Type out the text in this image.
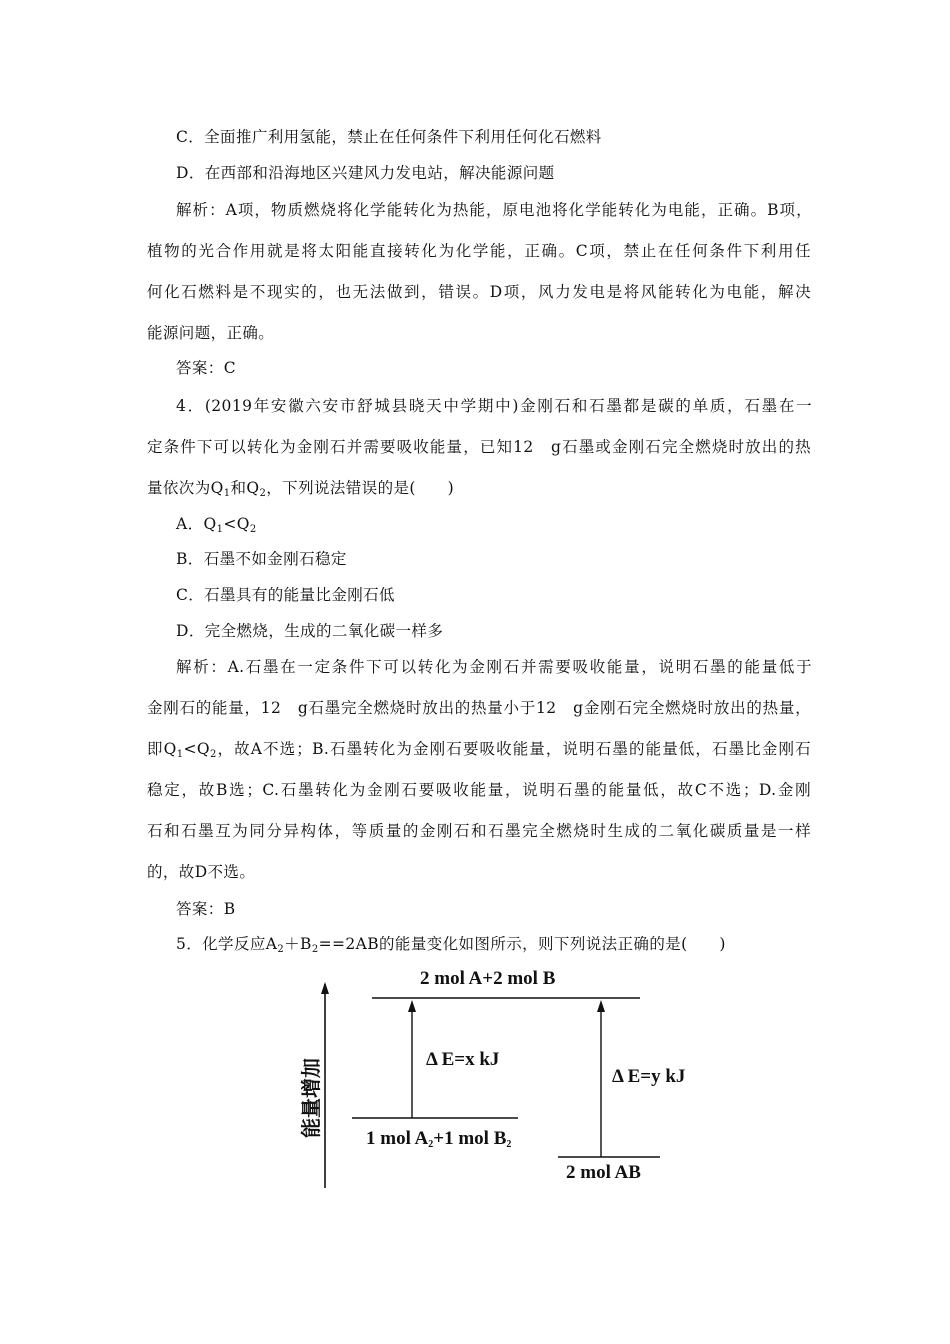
C．全面推广利用氢能，禁止在任何条件下利用任何化石燃料
D．在西部和沿海地区兴建风力发电站，解决能源问题
解析：A项，物质燃烧将化学能转化为热能，原电池将化学能转化为电能，正确。B项，
植物的光合作用就是将太阳能直接转化为化学能，正确。C项，禁止在任何条件下利用任
何化石燃料是不现实的，也无法做到，错误。D项，风力发电是将风能转化为电能，解决
能源问题，正确。
答案：C
4．(2019年安徽六安市舒城县晓天中学期中)金刚石和石墨都是碳的单质，石墨在一
定条件下可以转化为金刚石并需要吸收能量，已知12　g石墨或金刚石完全燃烧时放出的热
量依次为$Q_1$和$Q_2$，下列说法错误的是(　　)
A．$Q_1<Q_2$
B．石墨不如金刚石稳定
C．石墨具有的能量比金刚石低
D．完全燃烧，生成的二氧化碳一样多
解析：A.石墨在一定条件下可以转化为金刚石并需要吸收能量，说明石墨的能量低于
金刚石的能量，12　g石墨完全燃烧时放出的热量小于12　g金刚石完全燃烧时放出的热量，
即$Q_1<Q_2$，故A不选；B.石墨转化为金刚石要吸收能量，说明石墨的能量低，石墨比金刚石
稳定，故B选；C.石墨转化为金刚石要吸收能量，说明石墨的能量低，故C不选；D.金刚
石和石墨互为同分异构体，等质量的金刚石和石墨完全燃烧时生成的二氧化碳质量是一样
的，故D不选。
答案：B
5．化学反应$A_2+B_2==2AB$的能量变化如图所示，则下列说法正确的是(　　)
能量增加
2 mol A+2 mol B
Δ E=x kJ
Δ E=y kJ
1 mol $A_2+1$ mol $B_2$
2 mol AB
